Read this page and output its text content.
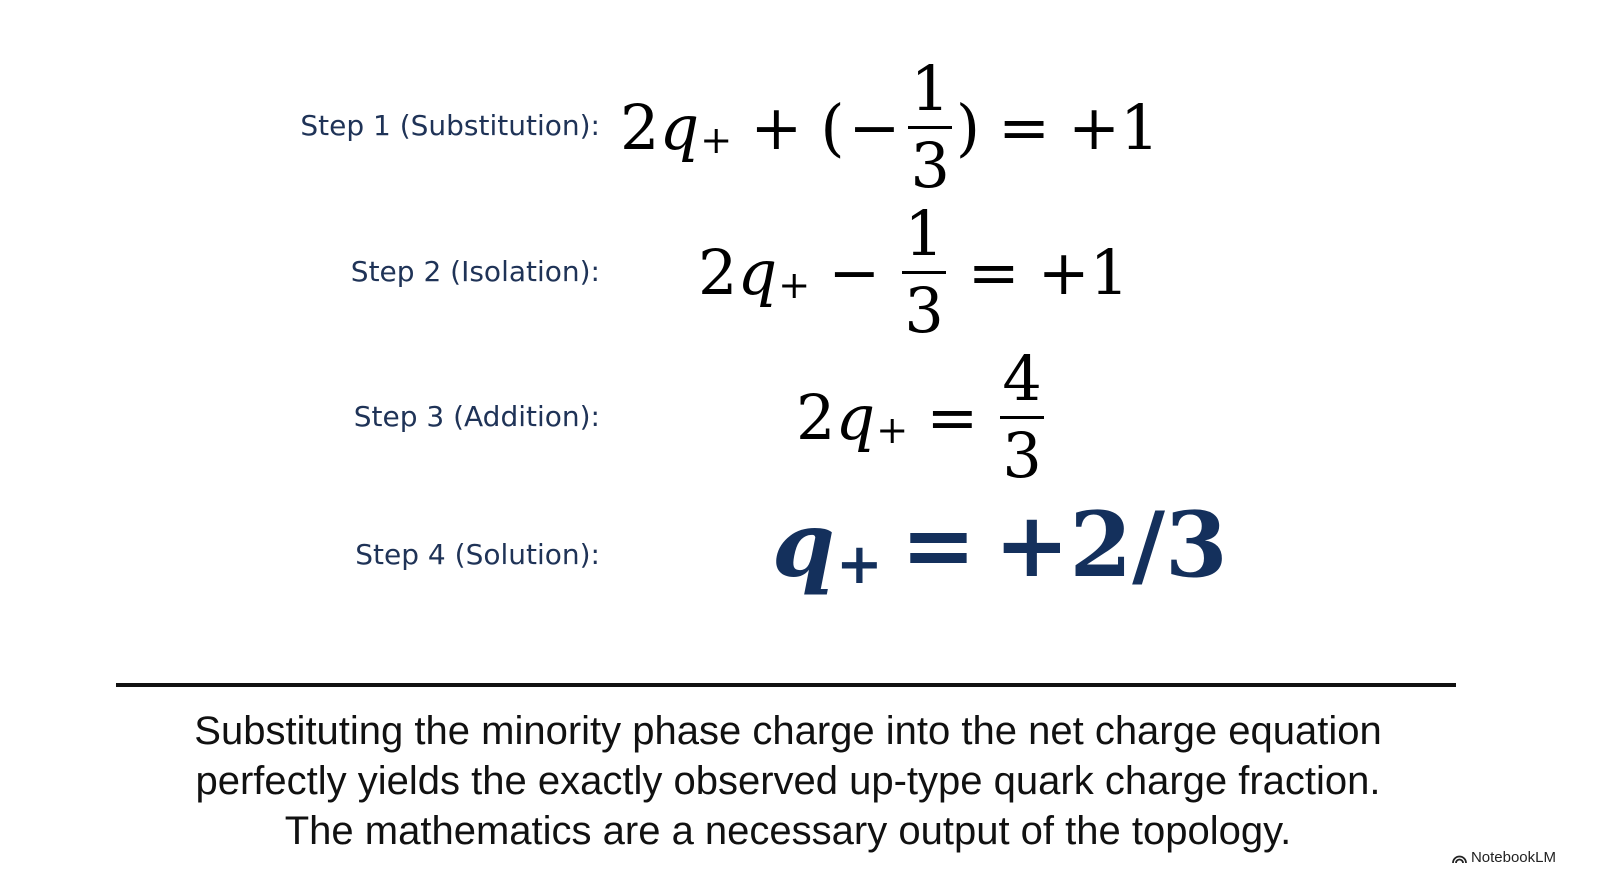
Step 1 (Substitution):
Step 2 (Isolation):
Step 3 (Addition):
Step 4 (Solution):
2 q + + ( − $\frac{1}{3}$ ) = +1
2 q + − $\frac{1}{3} = +1$
2 q + = $\frac{4}{3}$
q + = +2/3
Substituting the minority phase charge into the net charge equation
perfectly yields the exactly observed up-type quark charge fraction.
The mathematics are a necessary output of the topology.
NotebookLM
